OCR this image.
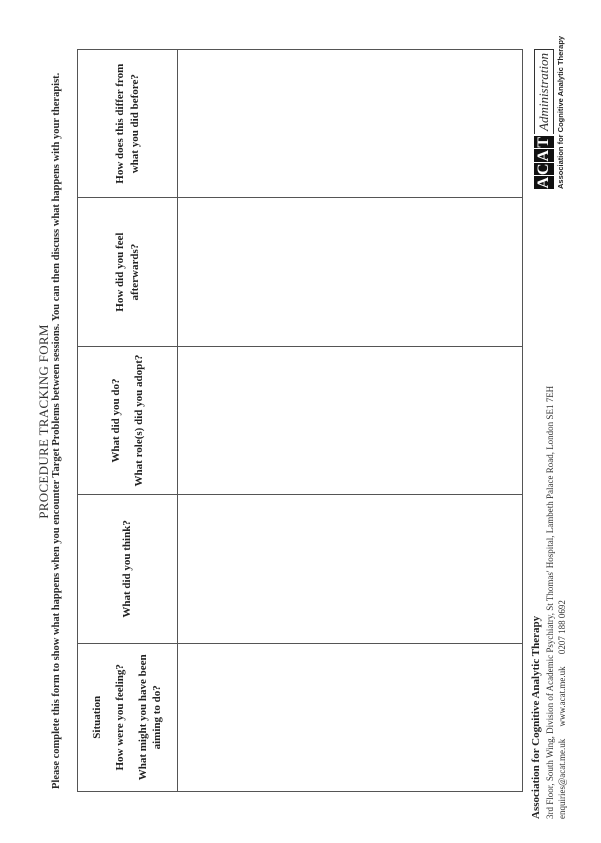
PROCEDURE TRACKING FORM Please complete this form to show what happens when you encounter Target Problems between sessions. You can then discuss what happens with your therapist.	Situation How were you feeling? What might you have been aiming to do?	What did you think?	What did you do? What role(s) did you adopt?	How did you feel afterwards?	How does this differ from what you did before?

Association for Cognitive Analytic Therapy 3rd Floor, South Wing, Division of Academic Psychiatry, St Thomas' Hospital, Lambeth Palace Road, London SE1 7EH enquiries@acat.me.uk www.acat.me.uk 0207 188 0692
A
C
A
T
Administration Association for Cognitive Analytic Therapy
